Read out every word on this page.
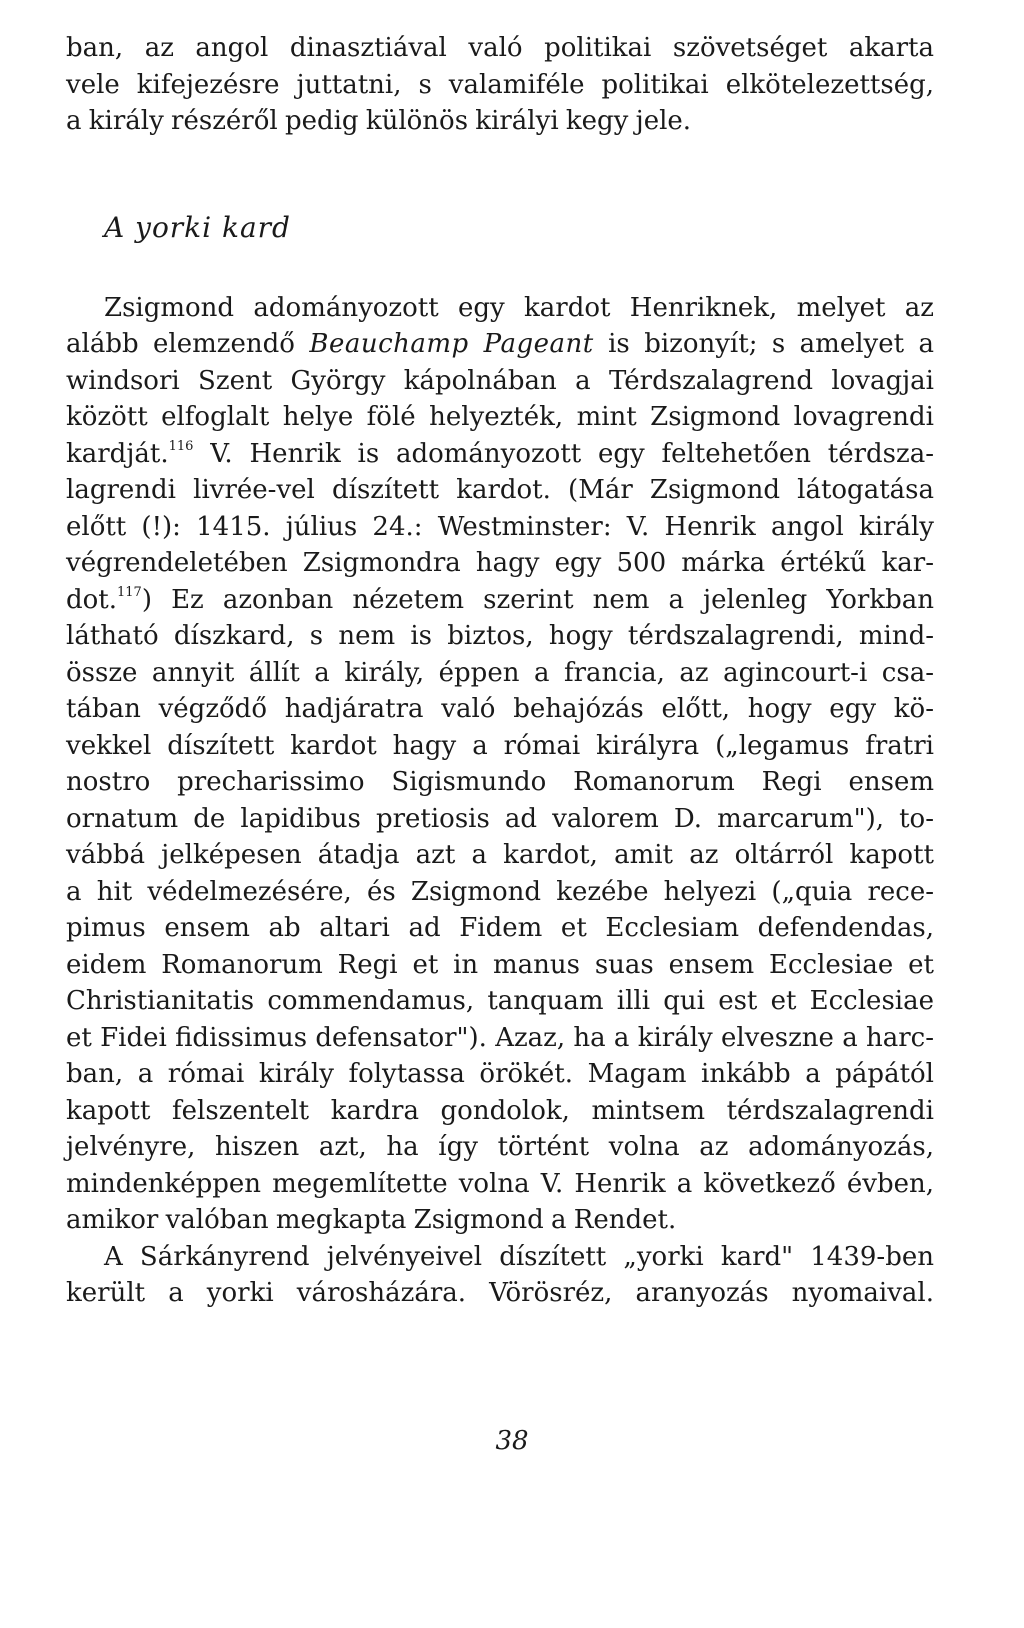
ban, az angol dinasztiával való politikai szövetséget akarta
vele kifejezésre juttatni, s valamiféle politikai elkötelezettség,
a király részéről pedig különös királyi kegy jele.
A yorki kard
Zsigmond adományozott egy kardot Henriknek, melyet az
alább elemzendő Beauchamp Pageant is bizonyít; s amelyet a
windsori Szent György kápolnában a Térdszalagrend lovagjai
között elfoglalt helye fölé helyezték, mint Zsigmond lovagrendi
kardját.$^{116}$ V. Henrik is adományozott egy feltehetően térdsza-
lagrendi livrée-vel díszített kardot. (Már Zsigmond látogatása
előtt (!): 1415. július 24.: Westminster: V. Henrik angol király
végrendeletében Zsigmondra hagy egy 500 márka értékű kar-
dot.$^{117}$) Ez azonban nézetem szerint nem a jelenleg Yorkban
látható díszkard, s nem is biztos, hogy térdszalagrendi, mind-
össze annyit állít a király, éppen a francia, az agincourt-i csa-
tában végződő hadjáratra való behajózás előtt, hogy egy kö-
vekkel díszített kardot hagy a római királyra („legamus fratri
nostro precharissimo Sigismundo Romanorum Regi ensem
ornatum de lapidibus pretiosis ad valorem D. marcarum"), to-
vábbá jelképesen átadja azt a kardot, amit az oltárról kapott
a hit védelmezésére, és Zsigmond kezébe helyezi („quia rece-
pimus ensem ab altari ad Fidem et Ecclesiam defendendas,
eidem Romanorum Regi et in manus suas ensem Ecclesiae et
Christianitatis commendamus, tanquam illi qui est et Ecclesiae
et Fidei fidissimus defensator"). Azaz, ha a király elveszne a harc-
ban, a római király folytassa örökét. Magam inkább a pápától
kapott felszentelt kardra gondolok, mintsem térdszalagrendi
jelvényre, hiszen azt, ha így történt volna az adományozás,
mindenképpen megemlítette volna V. Henrik a következő évben,
amikor valóban megkapta Zsigmond a Rendet.
A Sárkányrend jelvényeivel díszített „yorki kard" 1439-ben
került a yorki városházára. Vörösréz, aranyozás nyomaival.
38
